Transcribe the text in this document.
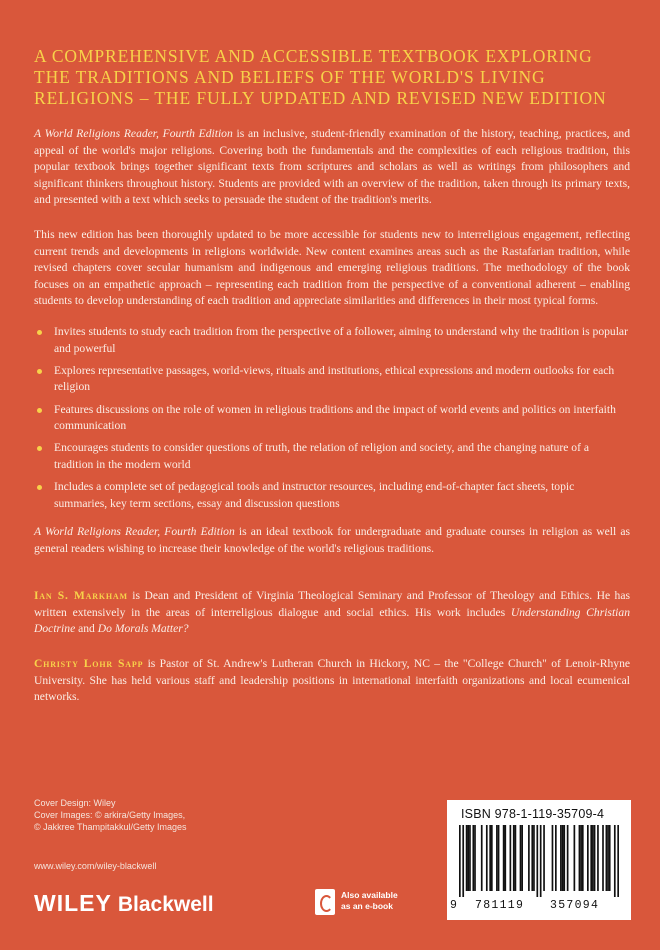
A COMPREHENSIVE AND ACCESSIBLE TEXTBOOK EXPLORING
THE TRADITIONS AND BELIEFS OF THE WORLD'S LIVING
RELIGIONS – THE FULLY UPDATED AND REVISED NEW EDITION
A World Religions Reader, Fourth Edition is an inclusive, student-friendly examination of the history, teaching, practices, and appeal of the world's major religions. Covering both the fundamentals and the complexities of each religious tradition, this popular textbook brings together significant texts from scriptures and scholars as well as writings from philosophers and significant thinkers throughout history. Students are provided with an overview of the tradition, taken through its primary texts, and presented with a text which seeks to persuade the student of the tradition's merits.
This new edition has been thoroughly updated to be more accessible for students new to interreligious engagement, reflecting current trends and developments in religions worldwide. New content examines areas such as the Rastafarian tradition, while revised chapters cover secular humanism and indigenous and emerging religious traditions. The methodology of the book focuses on an empathetic approach – representing each tradition from the perspective of a conventional adherent – enabling students to develop understanding of each tradition and appreciate similarities and differences in their most typical forms.
Invites students to study each tradition from the perspective of a follower, aiming to understand why the tradition is popular and powerful
Explores representative passages, world-views, rituals and institutions, ethical expressions and modern outlooks for each religion
Features discussions on the role of women in religious traditions and the impact of world events and politics on interfaith communication
Encourages students to consider questions of truth, the relation of religion and society, and the changing nature of a tradition in the modern world
Includes a complete set of pedagogical tools and instructor resources, including end-of-chapter fact sheets, topic summaries, key term sections, essay and discussion questions
A World Religions Reader, Fourth Edition is an ideal textbook for undergraduate and graduate courses in religion as well as general readers wishing to increase their knowledge of the world's religious traditions.
Ian S. Markham is Dean and President of Virginia Theological Seminary and Professor of Theology and Ethics. He has written extensively in the areas of interreligious dialogue and social ethics. His work includes Understanding Christian Doctrine and Do Morals Matter?
Christy Lohr Sapp is Pastor of St. Andrew's Lutheran Church in Hickory, NC – the "College Church" of Lenoir-Rhyne University. She has held various staff and leadership positions in international interfaith organizations and local ecumenical networks.
Cover Design: Wiley
Cover Images: © arkira/Getty Images,
© Jakkree Thampitakkul/Getty Images
www.wiley.com/wiley-blackwell
WILEY Blackwell	Also available
as an e-book
ISBN 978-1-119-35709-4
9 781119 357094
